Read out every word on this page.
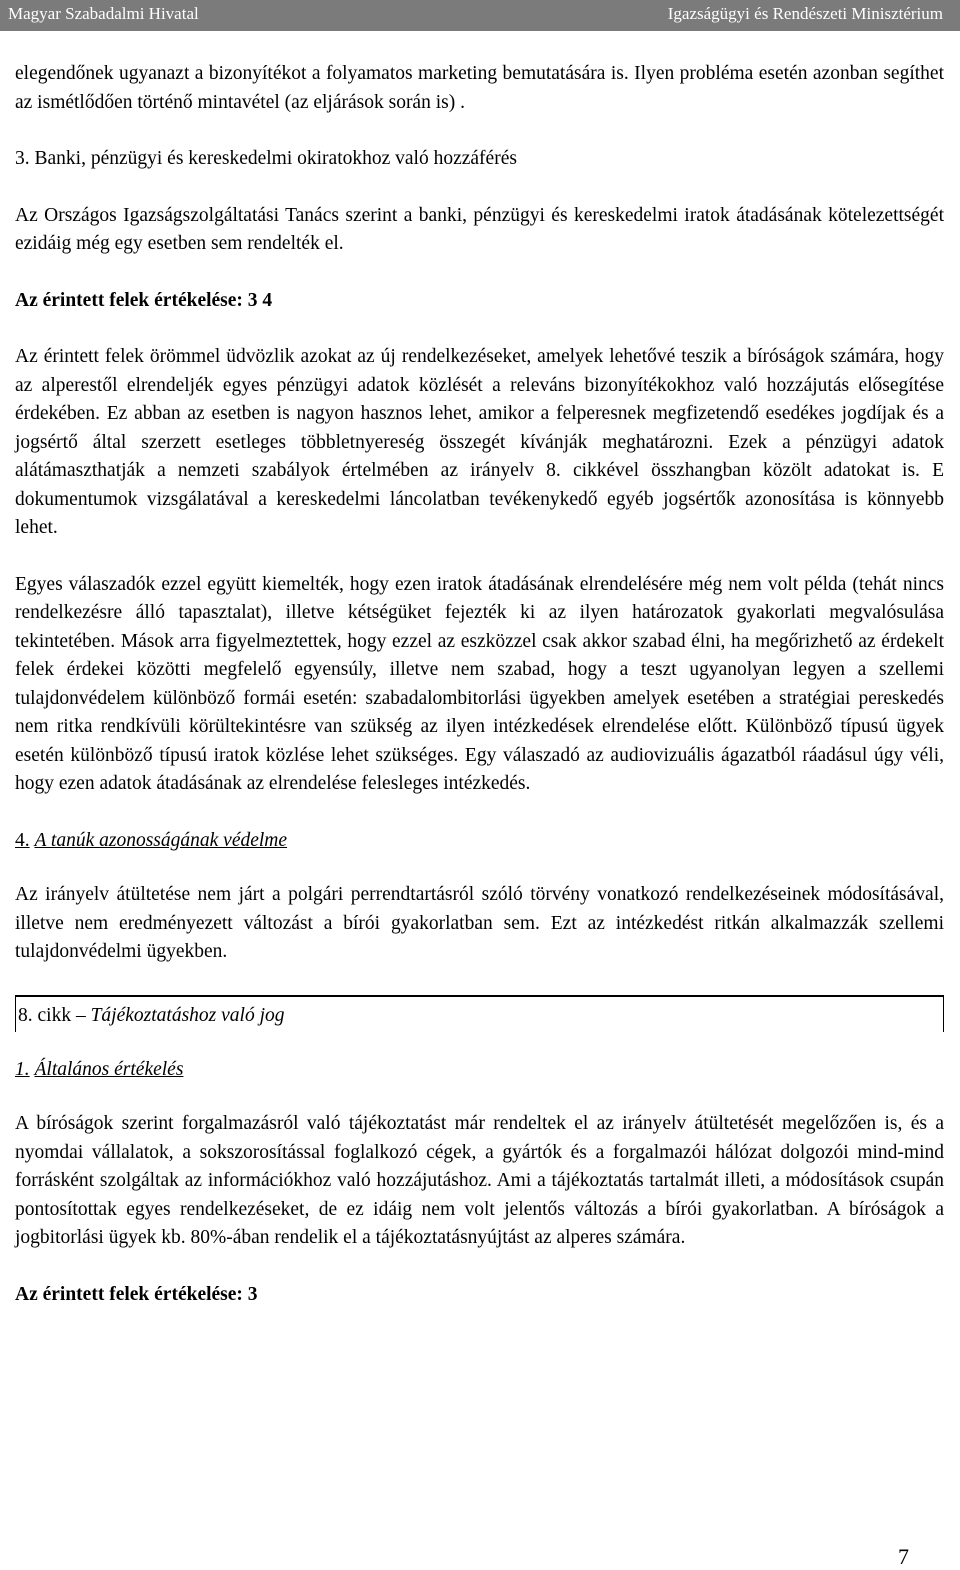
Magyar Szabadalmi Hivatal	Igazságügyi és Rendészeti Minisztérium

elegendőnek ugyanazt a bizonyítékot a folyamatos marketing bemutatására is. Ilyen probléma esetén azonban segíthet az ismétlődően történő mintavétel (az eljárások során is) .

3. Banki, pénzügyi és kereskedelmi okiratokhoz való hozzáférés

Az Országos Igazságszolgáltatási Tanács szerint a banki, pénzügyi és kereskedelmi iratok átadásának kötelezettségét ezidáig még egy esetben sem rendelték el.

Az érintett felek értékelése: 3 4

Az érintett felek örömmel üdvözlik azokat az új rendelkezéseket, amelyek lehetővé teszik a bíróságok számára, hogy az alperestől elrendeljék egyes pénzügyi adatok közlését a releváns bizonyítékokhoz való hozzájutás elősegítése érdekében. Ez abban az esetben is nagyon hasznos lehet, amikor a felperesnek megfizetendő esedékes jogdíjak és a jogsértő által szerzett esetleges többletnyereség összegét kívánják meghatározni. Ezek a pénzügyi adatok alátámaszthatják a nemzeti szabályok értelmében az irányelv 8. cikkével összhangban közölt adatokat is. E dokumentumok vizsgálatával a kereskedelmi láncolatban tevékenykedő egyéb jogsértők azonosítása is könnyebb lehet.

Egyes válaszadók ezzel együtt kiemelték, hogy ezen iratok átadásának elrendelésére még nem volt példa (tehát nincs rendelkezésre álló tapasztalat), illetve kétségüket fejezték ki az ilyen határozatok gyakorlati megvalósulása tekintetében. Mások arra figyelmeztettek, hogy ezzel az eszközzel csak akkor szabad élni, ha megőrizhető az érdekelt felek érdekei közötti megfelelő egyensúly, illetve nem szabad, hogy a teszt ugyanolyan legyen a szellemi tulajdonvédelem különböző formái esetén: szabadalombitorlási ügyekben amelyek esetében a stratégiai pereskedés nem ritka rendkívüli körültekintésre van szükség az ilyen intézkedések elrendelése előtt. Különböző típusú ügyek esetén különböző típusú iratok közlése lehet szükséges. Egy válaszadó az audiovizuális ágazatból ráadásul úgy véli, hogy ezen adatok átadásának az elrendelése felesleges intézkedés.

4. A tanúk azonosságának védelme

Az irányelv átültetése nem járt a polgári perrendtartásról szóló törvény vonatkozó rendelkezéseinek módosításával, illetve nem eredményezett változást a bírói gyakorlatban sem. Ezt az intézkedést ritkán alkalmazzák szellemi tulajdonvédelmi ügyekben.

8. cikk – Tájékoztatáshoz való jog

1. Általános értékelés

A bíróságok szerint forgalmazásról való tájékoztatást már rendeltek el az irányelv átültetését megelőzően is, és a nyomdai vállalatok, a sokszorosítással foglalkozó cégek, a gyártók és a forgalmazói hálózat dolgozói mind-mind forrásként szolgáltak az információkhoz való hozzájutáshoz. Ami a tájékoztatás tartalmát illeti, a módosítások csupán pontosítottak egyes rendelkezéseket, de ez idáig nem volt jelentős változás a bírói gyakorlatban. A bíróságok a jogbitorlási ügyek kb. 80%-ában rendelik el a tájékoztatásnyújtást az alperes számára.

Az érintett felek értékelése: 3

7
